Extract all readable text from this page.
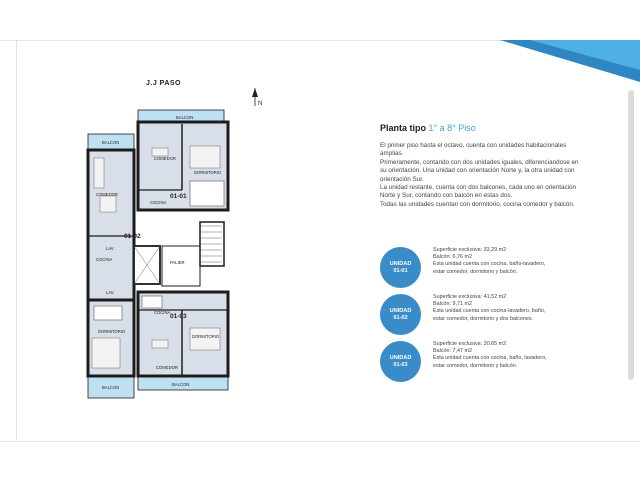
J.J PASO
N
BALCON
BALCON
COMEDOR
DORMITORIO
01-01
COCINA
COMEDOR
01-02
LAV.
COCINA
PALIER
LAV.
DORMITORIO
COCINA
01-03
DORMITORIO
COMEDOR
BALCON
BALCON
Planta tipo 1° a 8° Piso

El primer piso hasta el octavo, cuenta con unidades habitacionales amplias.

Primeramente, contando con dos unidades iguales, diferenciandose en su orientación. Una unidad con orientación Norte y, la otra unidad con orientación Sur.

La unidad restante, cuenta con dos balcones, cada uno en orientación Norte y Sur, contando con balcón en estas dos.

Todas las unidades cuentan con dormitorio, cocina comedor y balcón.

UNIDAD
01-01
Superficie exclusiva: 33,29 m2
Balcón: 6,76 m2
Esta unidad cuenta con cocina, baño-lavadero, estar comedor, dormitorio y balcón.
UNIDAD
01-02
Superficie exclusiva: 41,52 m2
Balcón: 9,71 m2
Esta unidad cuenta con cocina-lavadero, baño, estar comedor, dormitorio y dos balcones.
UNIDAD
01-03
Superficie exclusiva: 30,65 m2
Balcón: 7,47 m2
Esta unidad cuenta con cocina, baño, lavadero, estar comedor, dormitorio y balcón.
